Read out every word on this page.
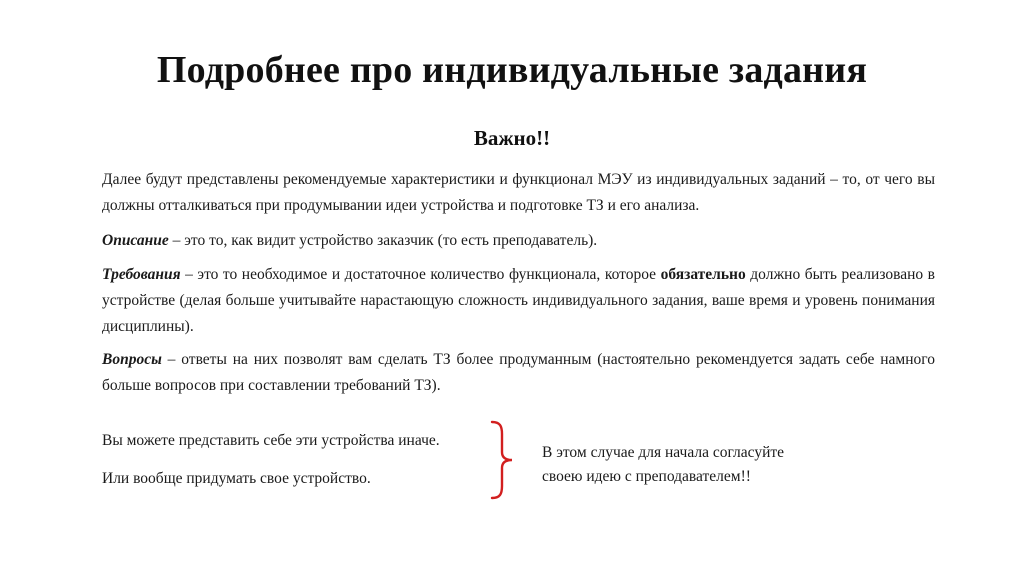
Подробнее про индивидуальные задания
Важно!!

Далее будут представлены рекомендуемые характеристики и функционал МЭУ из индивидуальных заданий – то, от чего вы должны отталкиваться при продумывании идеи устройства и подготовке ТЗ и его анализа.

Описание – это то, как видит устройство заказчик (то есть преподаватель).

Требования – это то необходимое и достаточное количество функционала, которое обязательно должно быть реализовано в устройстве (делая больше учитывайте нарастающую сложность индивидуального задания, ваше время и уровень понимания дисциплины).

Вопросы – ответы на них позволят вам сделать ТЗ более продуманным (настоятельно рекомендуется задать себе намного больше вопросов при составлении требований ТЗ).

Вы можете представить себе эти устройства иначе.
Или вообще придумать свое устройство.
В этом случае для начала согласуйте
своею идею с преподавателем!!
